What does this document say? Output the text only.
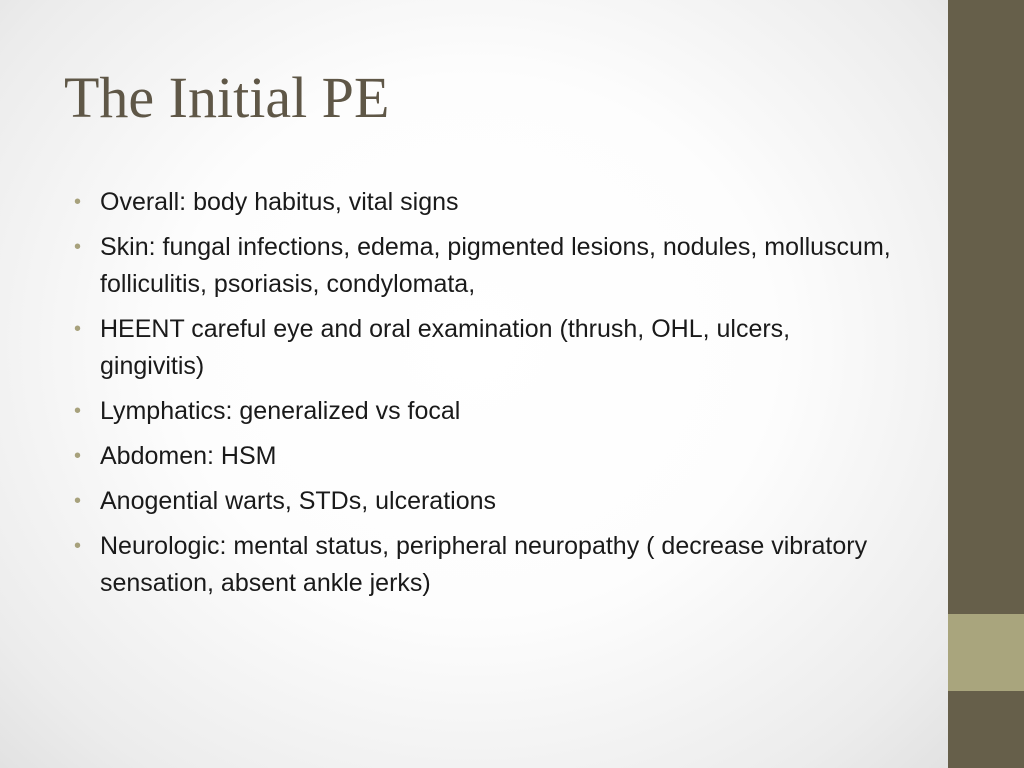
The Initial PE
• Overall: body habitus, vital signs
• Skin: fungal infections, edema, pigmented lesions, nodules, molluscum, folliculitis, psoriasis, condylomata,
• HEENT careful eye and oral examination (thrush, OHL, ulcers, gingivitis)
• Lymphatics: generalized vs focal
• Abdomen: HSM
• Anogential warts, STDs, ulcerations
• Neurologic: mental status, peripheral neuropathy ( decrease vibratory sensation, absent ankle jerks)
